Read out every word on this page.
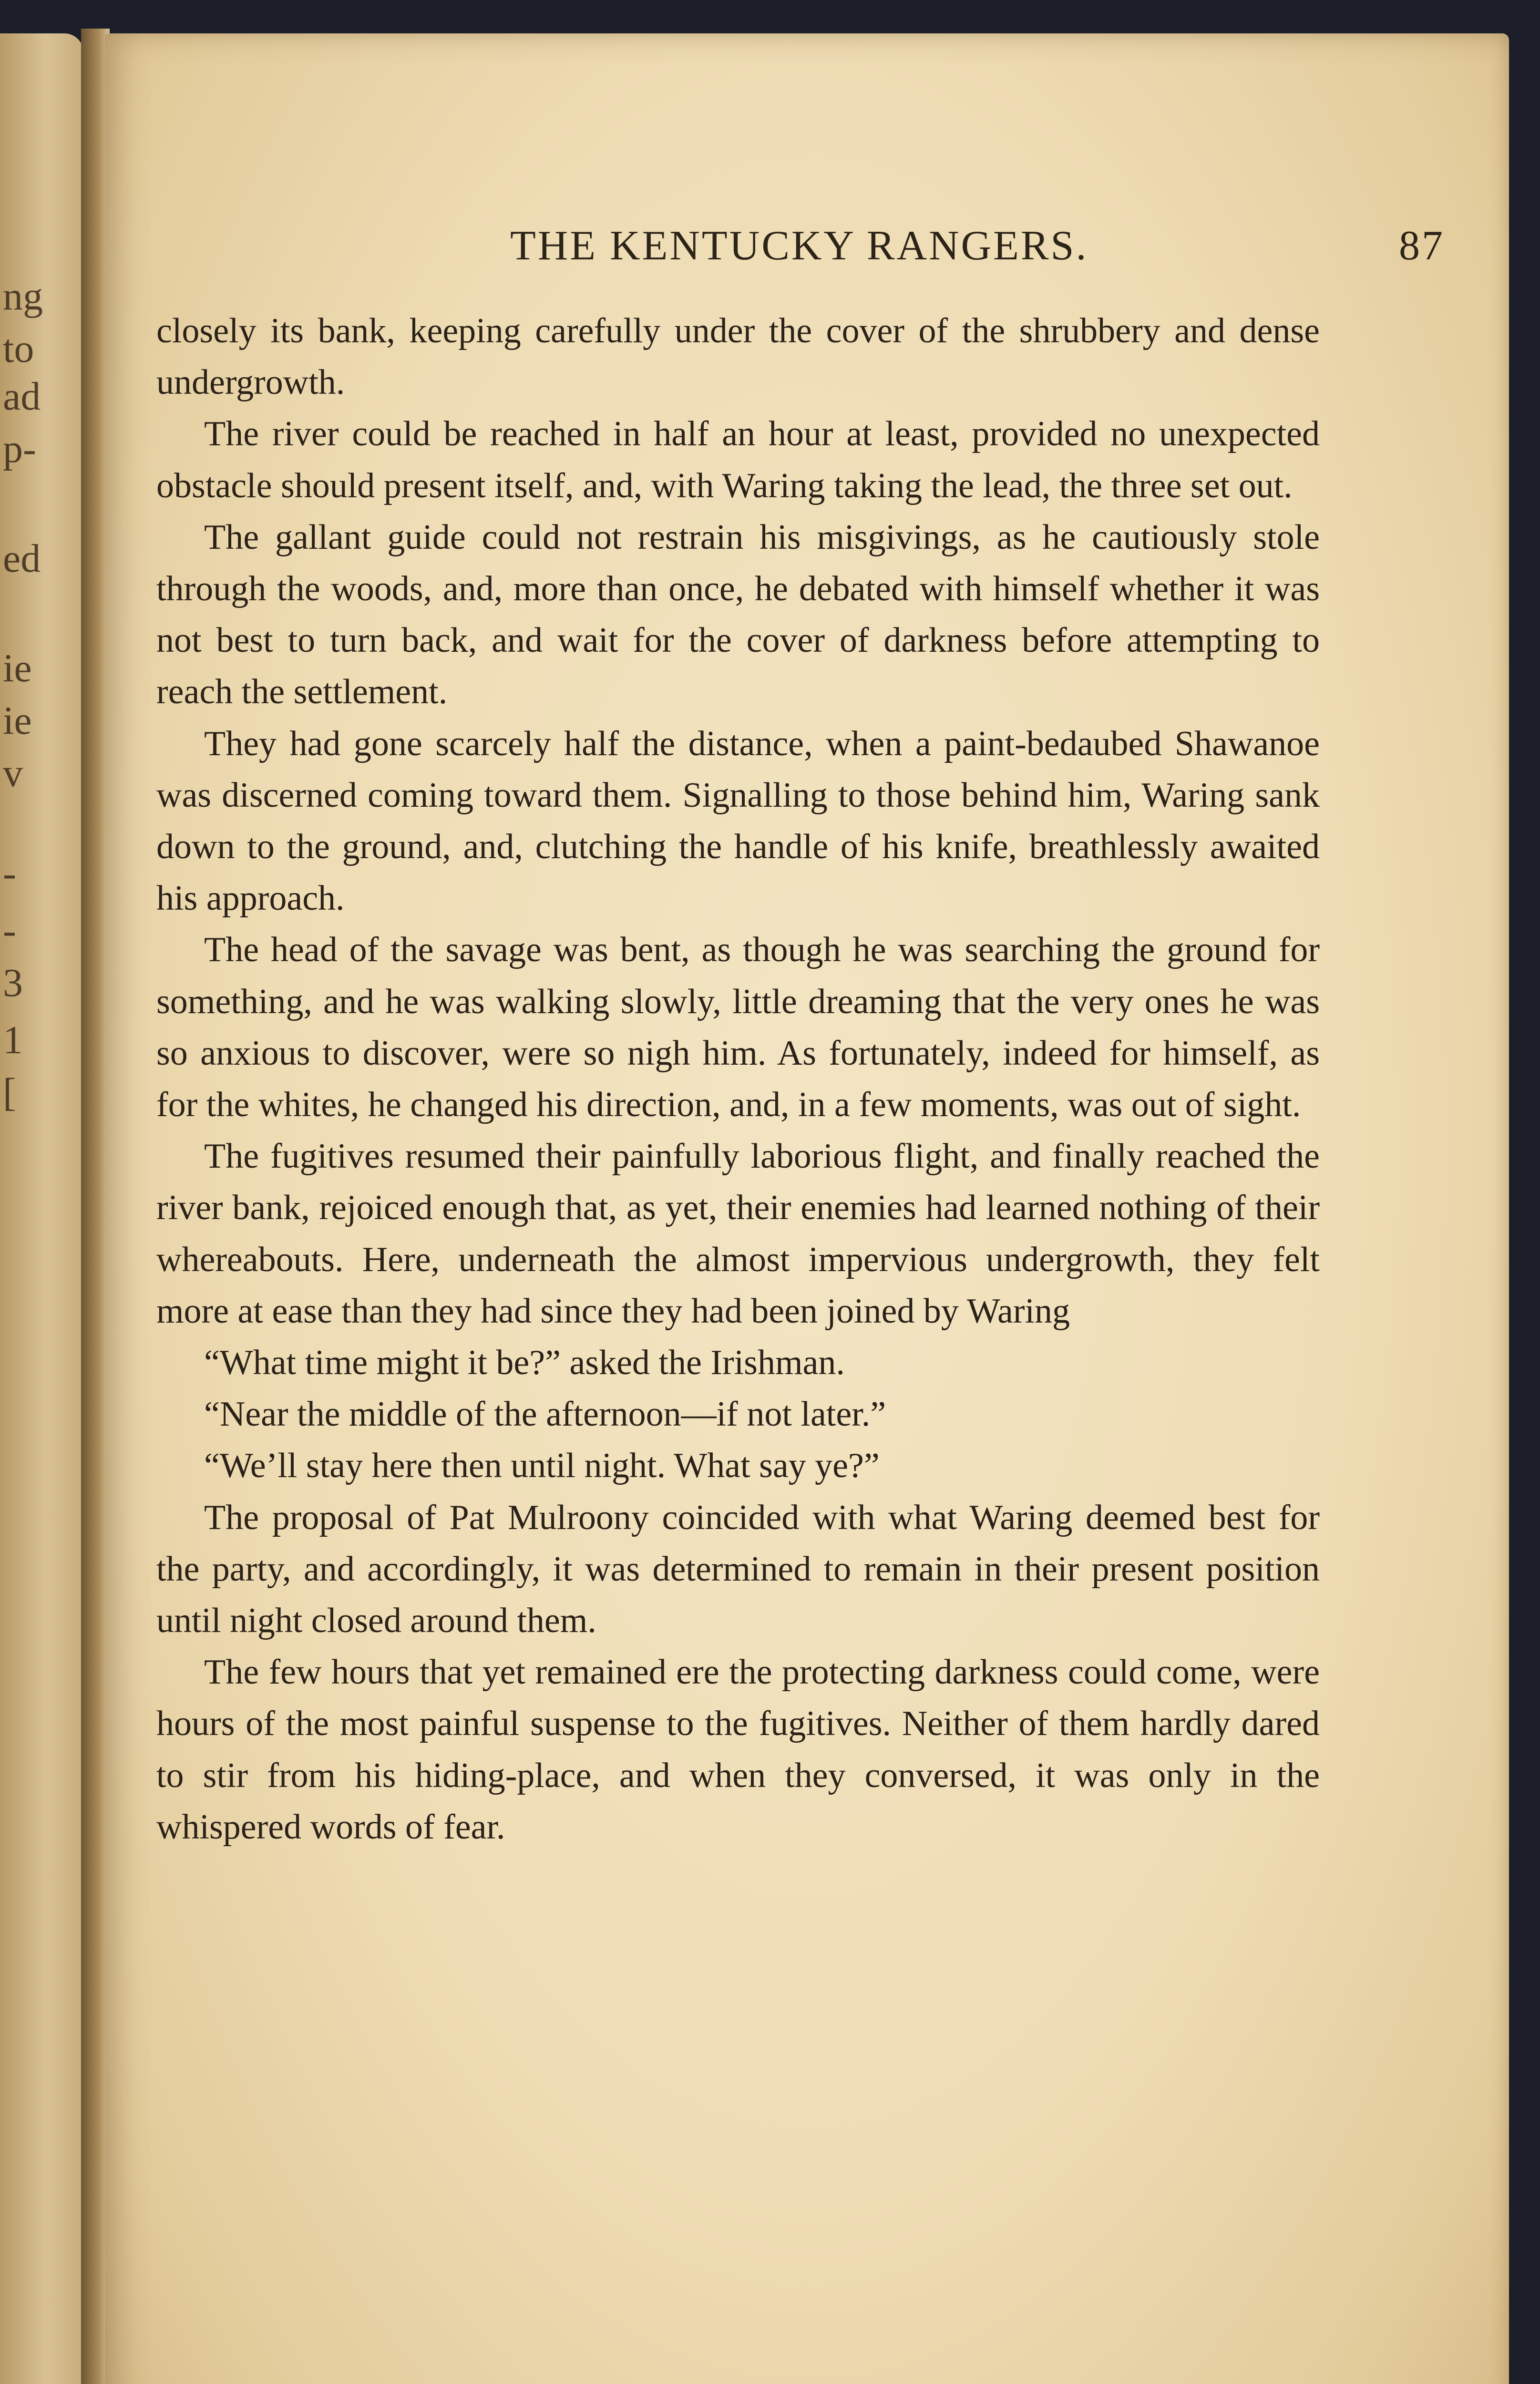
ng
to
ad
p-
ed
ie
ie
v
-
-
3
1
[
THE KENTUCKY RANGERS.	87

closely its bank, keeping carefully under the cover of the shrubbery and dense undergrowth.

The river could be reached in half an hour at least, provided no unexpected obstacle should present itself, and, with Waring taking the lead, the three set out.

The gallant guide could not restrain his misgivings, as he cautiously stole through the woods, and, more than once, he debated with himself whether it was not best to turn back, and wait for the cover of darkness before attempting to reach the settlement.

They had gone scarcely half the distance, when a paint-bedaubed Shawanoe was discerned coming toward them. Signalling to those behind him, Waring sank down to the ground, and, clutching the handle of his knife, breathlessly awaited his approach.

The head of the savage was bent, as though he was searching the ground for something, and he was walking slowly, little dreaming that the very ones he was so anxious to discover, were so nigh him. As fortunately, indeed for himself, as for the whites, he changed his direction, and, in a few moments, was out of sight.

The fugitives resumed their painfully laborious flight, and finally reached the river bank, rejoiced enough that, as yet, their enemies had learned nothing of their whereabouts. Here, underneath the almost impervious undergrowth, they felt more at ease than they had since they had been joined by Waring

“What time might it be?” asked the Irishman.

“Near the middle of the afternoon—if not later.”

“We’ll stay here then until night. What say ye?”

The proposal of Pat Mulroony coincided with what Waring deemed best for the party, and accordingly, it was determined to remain in their present position until night closed around them.

The few hours that yet remained ere the protecting darkness could come, were hours of the most painful suspense to the fugitives. Neither of them hardly dared to stir from his hiding-place, and when they conversed, it was only in the whispered words of fear.
